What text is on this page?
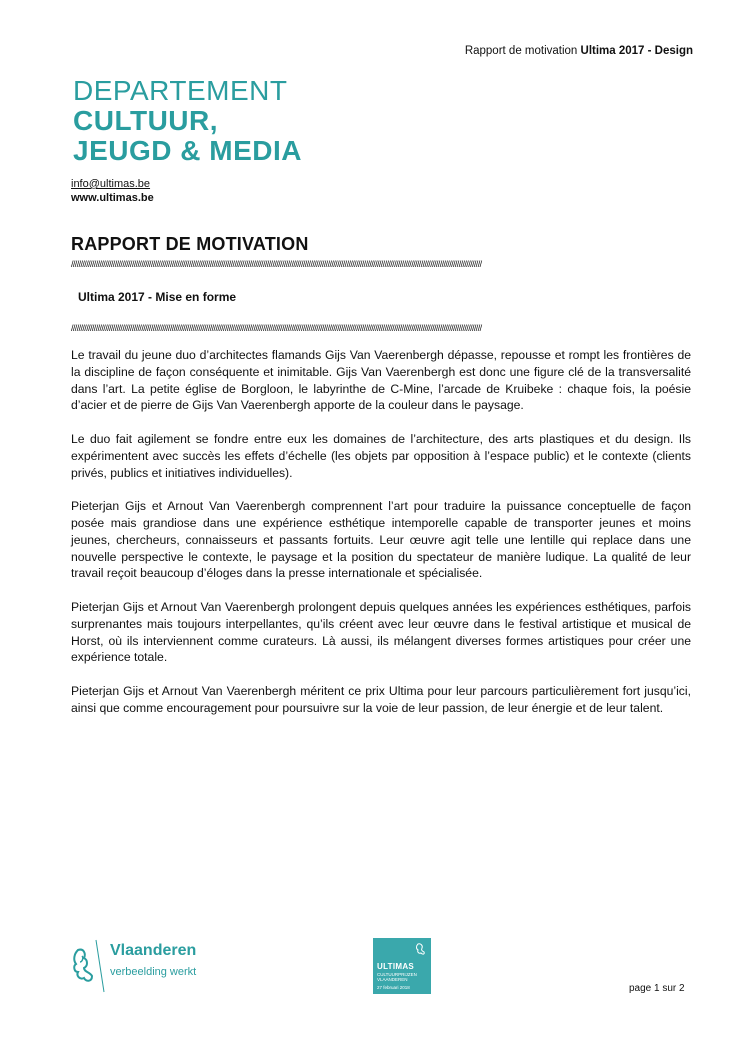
Rapport de motivation Ultima 2017 - Design
DEPARTEMENT
CULTUUR,
JEUGD & MEDIA
info@ultimas.be
www.ultimas.be
RAPPORT DE MOTIVATION
////////////////////////////////////////////////////////////////////////////////////////////////////////////////////////////////////////////////////////////////////////////////////////////////////////////////////////
Ultima 2017 - Mise en forme
////////////////////////////////////////////////////////////////////////////////////////////////////////////////////////////////////////////////////////////////////////////////////////////////////////////////////////

Le travail du jeune duo d’architectes flamands Gijs Van Vaerenbergh dépasse, repousse et rompt les frontières de la discipline de façon conséquente et inimitable. Gijs Van Vaerenbergh est donc une figure clé de la transversalité dans l’art. La petite église de Borgloon, le labyrinthe de C-Mine, l’arcade de Kruibeke : chaque fois, la poésie d’acier et de pierre de Gijs Van Vaerenbergh apporte de la couleur dans le paysage.

Le duo fait agilement se fondre entre eux les domaines de l’architecture, des arts plastiques et du design. Ils expérimentent avec succès les effets d’échelle (les objets par opposition à l’espace public) et le contexte (clients privés, publics et initiatives individuelles).

Pieterjan Gijs et Arnout Van Vaerenbergh comprennent l’art pour traduire la puissance conceptuelle de façon posée mais grandiose dans une expérience esthétique intemporelle capable de transporter jeunes et moins jeunes, chercheurs, connaisseurs et passants fortuits. Leur œuvre agit telle une lentille qui replace dans une nouvelle perspective le contexte, le paysage et la position du spectateur de manière ludique. La qualité de leur travail reçoit beaucoup d’éloges dans la presse internationale et spécialisée.

Pieterjan Gijs et Arnout Van Vaerenbergh prolongent depuis quelques années les expériences esthétiques, parfois surprenantes mais toujours interpellantes, qu’ils créent avec leur œuvre dans le festival artistique et musical de Horst, où ils interviennent comme curateurs. Là aussi, ils mélangent diverses formes artistiques pour créer une expérience totale.

Pieterjan Gijs et Arnout Van Vaerenbergh méritent ce prix Ultima pour leur parcours particulièrement fort jusqu’ici, ainsi que comme encouragement pour poursuivre sur la voie de leur passion, de leur énergie et de leur talent.

Vlaanderen
verbeelding werkt	ULTIMAS
CULTUURPRIJZEN VLAANDEREN
27 februari 2018	page 1 sur 2
